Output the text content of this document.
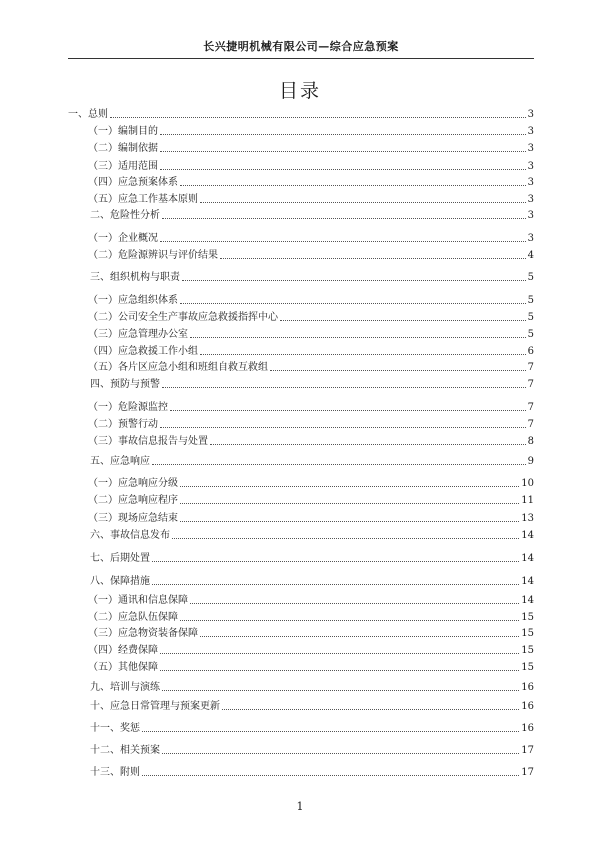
长兴捷明机械有限公司—综合应急预案
目录
一、总则	3
（一）编制目的	3
（二）编制依据	3
（三）适用范围	3
（四）应急预案体系	3
（五）应急工作基本原则	3
二、危险性分析	3
（一）企业概况	3
（二）危险源辨识与评价结果	4
三、组织机构与职责	5
（一）应急组织体系	5
（二）公司安全生产事故应急救援指挥中心	5
（三）应急管理办公室	5
（四）应急救援工作小组	6
（五）各片区应急小组和班组自救互救组	7
四、预防与预警	7
（一）危险源监控	7
（二）预警行动	7
（三）事故信息报告与处置	8
五、应急响应	9
（一）应急响应分级	10
（二）应急响应程序	11
（三）现场应急结束	13
六、事故信息发布	14
七、后期处置	14
八、保障措施	14
（一）通讯和信息保障	14
（二）应急队伍保障	15
（三）应急物资装备保障	15
（四）经费保障	15
（五）其他保障	15
九、培训与演练	16
十、应急日常管理与预案更新	16
十一、奖惩	16
十二、相关预案	17
十三、附则	17
1
